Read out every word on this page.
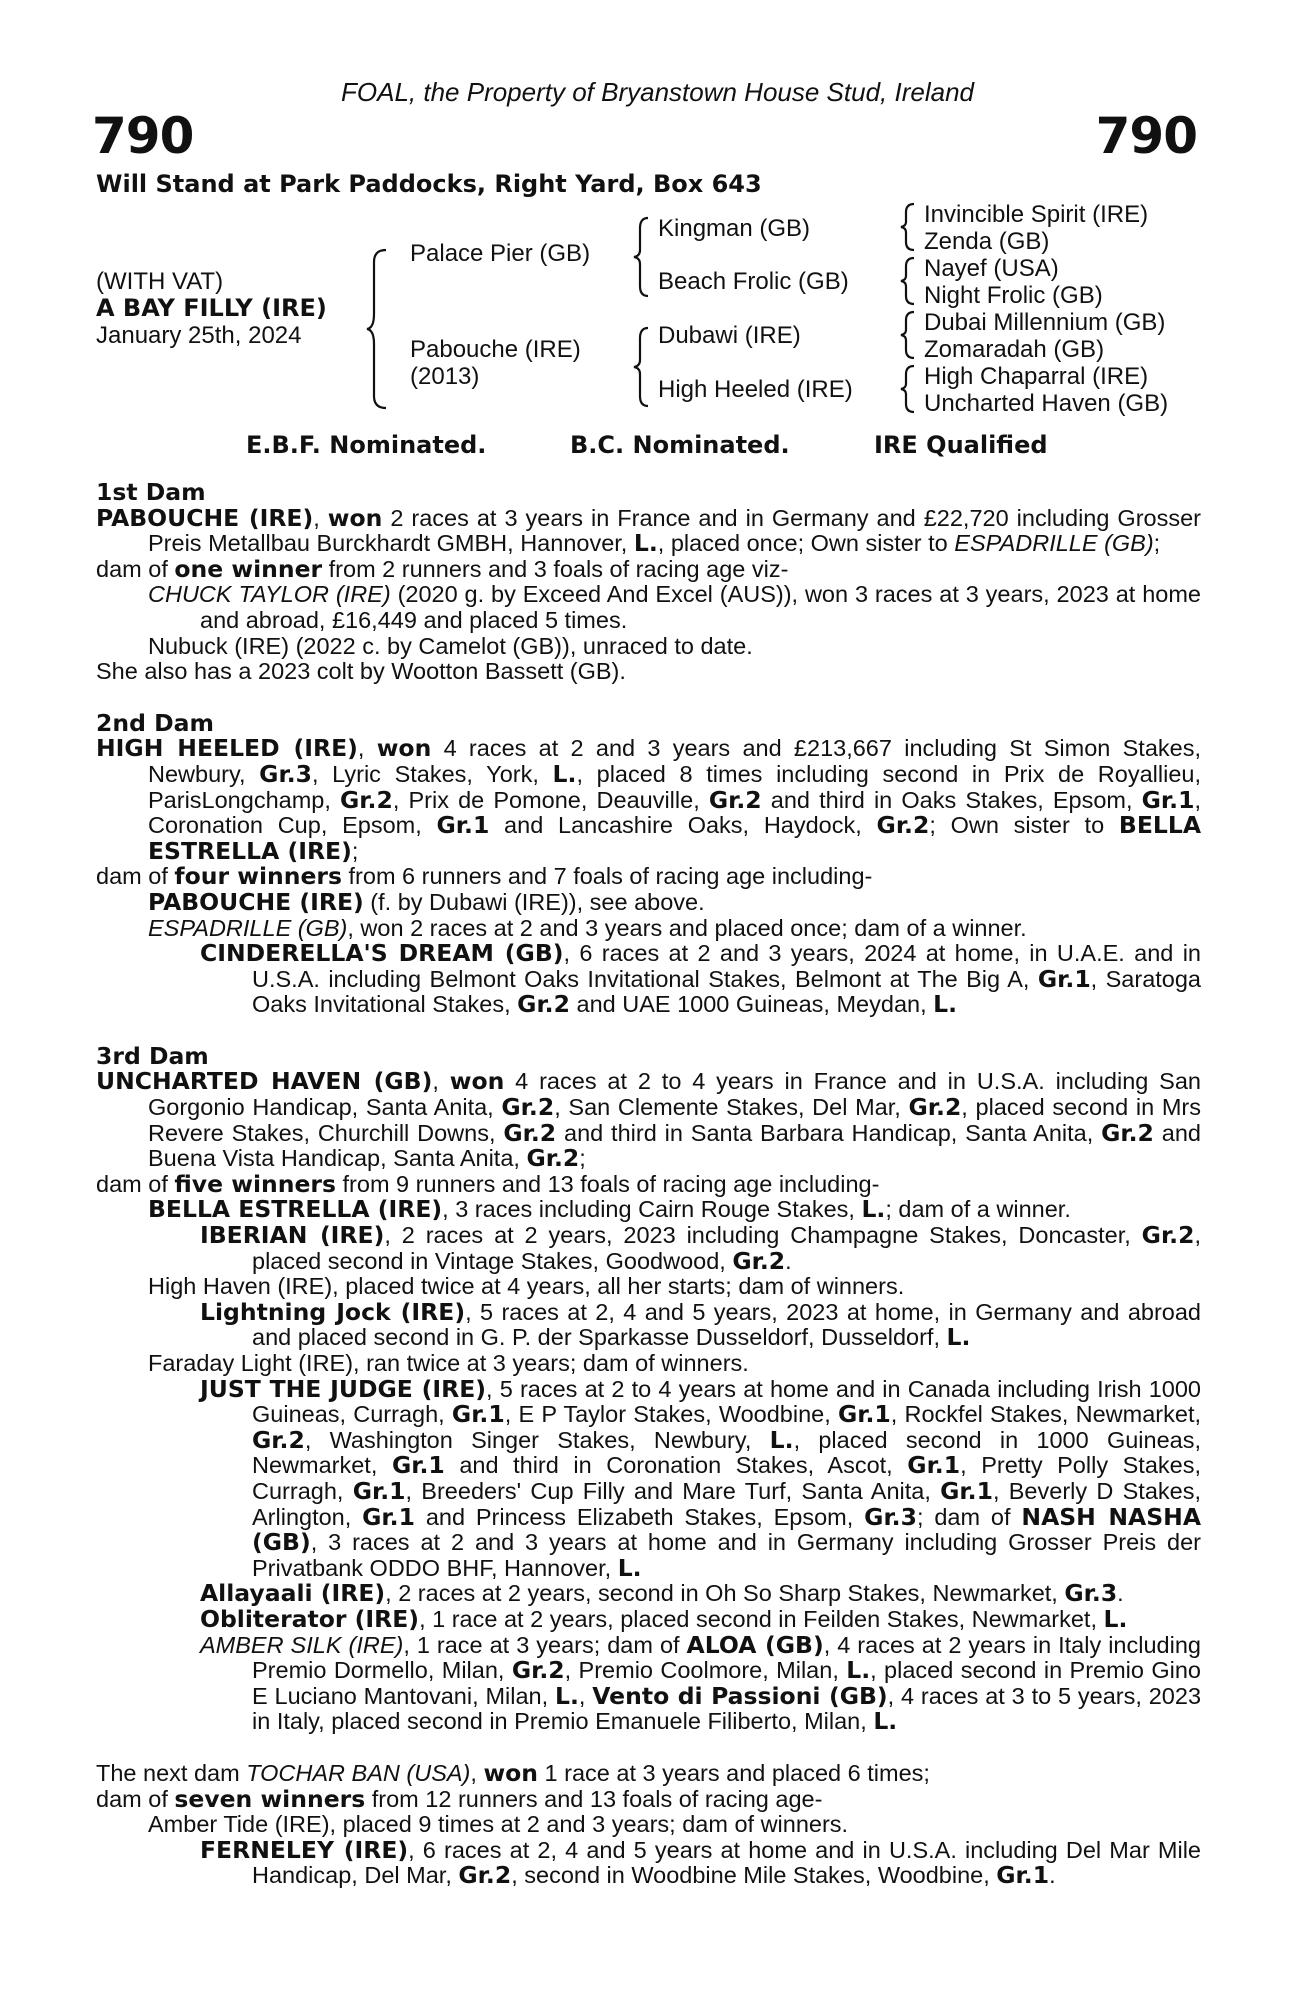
FOAL, the Property of Bryanstown House Stud, Ireland
790	790
Will Stand at Park Paddocks, Right Yard, Box 643
(WITH VAT)
A BAY FILLY (IRE)
January 25th, 2024
Palace Pier (GB)
Pabouche (IRE)
(2013)
Kingman (GB)
Beach Frolic (GB)
Dubawi (IRE)
High Heeled (IRE)
Invincible Spirit (IRE)
Zenda (GB)
Nayef (USA)
Night Frolic (GB)
Dubai Millennium (GB)
Zomaradah (GB)
High Chaparral (IRE)
Uncharted Haven (GB)
E.B.F. Nominated.	B.C. Nominated.	IRE Qualified
1st Dam
PABOUCHE (IRE), won 2 races at 3 years in France and in Germany and £22,720 including Grosser Preis Metallbau Burckhardt GMBH, Hannover, L., placed once; Own sister to ESPADRILLE (GB);
dam of one winner from 2 runners and 3 foals of racing age viz-
CHUCK TAYLOR (IRE) (2020 g. by Exceed And Excel (AUS)), won 3 races at 3 years, 2023 at home and abroad, £16,449 and placed 5 times.
Nubuck (IRE) (2022 c. by Camelot (GB)), unraced to date.
She also has a 2023 colt by Wootton Bassett (GB).
2nd Dam
HIGH HEELED (IRE), won 4 races at 2 and 3 years and £213,667 including St Simon Stakes, Newbury, Gr.3, Lyric Stakes, York, L., placed 8 times including second in Prix de Royallieu, ParisLongchamp, Gr.2, Prix de Pomone, Deauville, Gr.2 and third in Oaks Stakes, Epsom, Gr.1, Coronation Cup, Epsom, Gr.1 and Lancashire Oaks, Haydock, Gr.2; Own sister to BELLA ESTRELLA (IRE);
dam of four winners from 6 runners and 7 foals of racing age including-
PABOUCHE (IRE) (f. by Dubawi (IRE)), see above.
ESPADRILLE (GB), won 2 races at 2 and 3 years and placed once; dam of a winner.
CINDERELLA'S DREAM (GB), 6 races at 2 and 3 years, 2024 at home, in U.A.E. and in U.S.A. including Belmont Oaks Invitational Stakes, Belmont at The Big A, Gr.1, Saratoga Oaks Invitational Stakes, Gr.2 and UAE 1000 Guineas, Meydan, L.
3rd Dam
UNCHARTED HAVEN (GB), won 4 races at 2 to 4 years in France and in U.S.A. including San Gorgonio Handicap, Santa Anita, Gr.2, San Clemente Stakes, Del Mar, Gr.2, placed second in Mrs Revere Stakes, Churchill Downs, Gr.2 and third in Santa Barbara Handicap, Santa Anita, Gr.2 and Buena Vista Handicap, Santa Anita, Gr.2;
dam of five winners from 9 runners and 13 foals of racing age including-
BELLA ESTRELLA (IRE), 3 races including Cairn Rouge Stakes, L.; dam of a winner.
IBERIAN (IRE), 2 races at 2 years, 2023 including Champagne Stakes, Doncaster, Gr.2, placed second in Vintage Stakes, Goodwood, Gr.2.
High Haven (IRE), placed twice at 4 years, all her starts; dam of winners.
Lightning Jock (IRE), 5 races at 2, 4 and 5 years, 2023 at home, in Germany and abroad and placed second in G. P. der Sparkasse Dusseldorf, Dusseldorf, L.
Faraday Light (IRE), ran twice at 3 years; dam of winners.
JUST THE JUDGE (IRE), 5 races at 2 to 4 years at home and in Canada including Irish 1000 Guineas, Curragh, Gr.1, E P Taylor Stakes, Woodbine, Gr.1, Rockfel Stakes, Newmarket, Gr.2, Washington Singer Stakes, Newbury, L., placed second in 1000 Guineas, Newmarket, Gr.1 and third in Coronation Stakes, Ascot, Gr.1, Pretty Polly Stakes, Curragh, Gr.1, Breeders' Cup Filly and Mare Turf, Santa Anita, Gr.1, Beverly D Stakes, Arlington, Gr.1 and Princess Elizabeth Stakes, Epsom, Gr.3; dam of NASH NASHA (GB), 3 races at 2 and 3 years at home and in Germany including Grosser Preis der Privatbank ODDO BHF, Hannover, L.
Allayaali (IRE), 2 races at 2 years, second in Oh So Sharp Stakes, Newmarket, Gr.3.
Obliterator (IRE), 1 race at 2 years, placed second in Feilden Stakes, Newmarket, L.
AMBER SILK (IRE), 1 race at 3 years; dam of ALOA (GB), 4 races at 2 years in Italy including Premio Dormello, Milan, Gr.2, Premio Coolmore, Milan, L., placed second in Premio Gino E Luciano Mantovani, Milan, L., Vento di Passioni (GB), 4 races at 3 to 5 years, 2023 in Italy, placed second in Premio Emanuele Filiberto, Milan, L.
The next dam TOCHAR BAN (USA), won 1 race at 3 years and placed 6 times;
dam of seven winners from 12 runners and 13 foals of racing age-
Amber Tide (IRE), placed 9 times at 2 and 3 years; dam of winners.
FERNELEY (IRE), 6 races at 2, 4 and 5 years at home and in U.S.A. including Del Mar Mile Handicap, Del Mar, Gr.2, second in Woodbine Mile Stakes, Woodbine, Gr.1.
